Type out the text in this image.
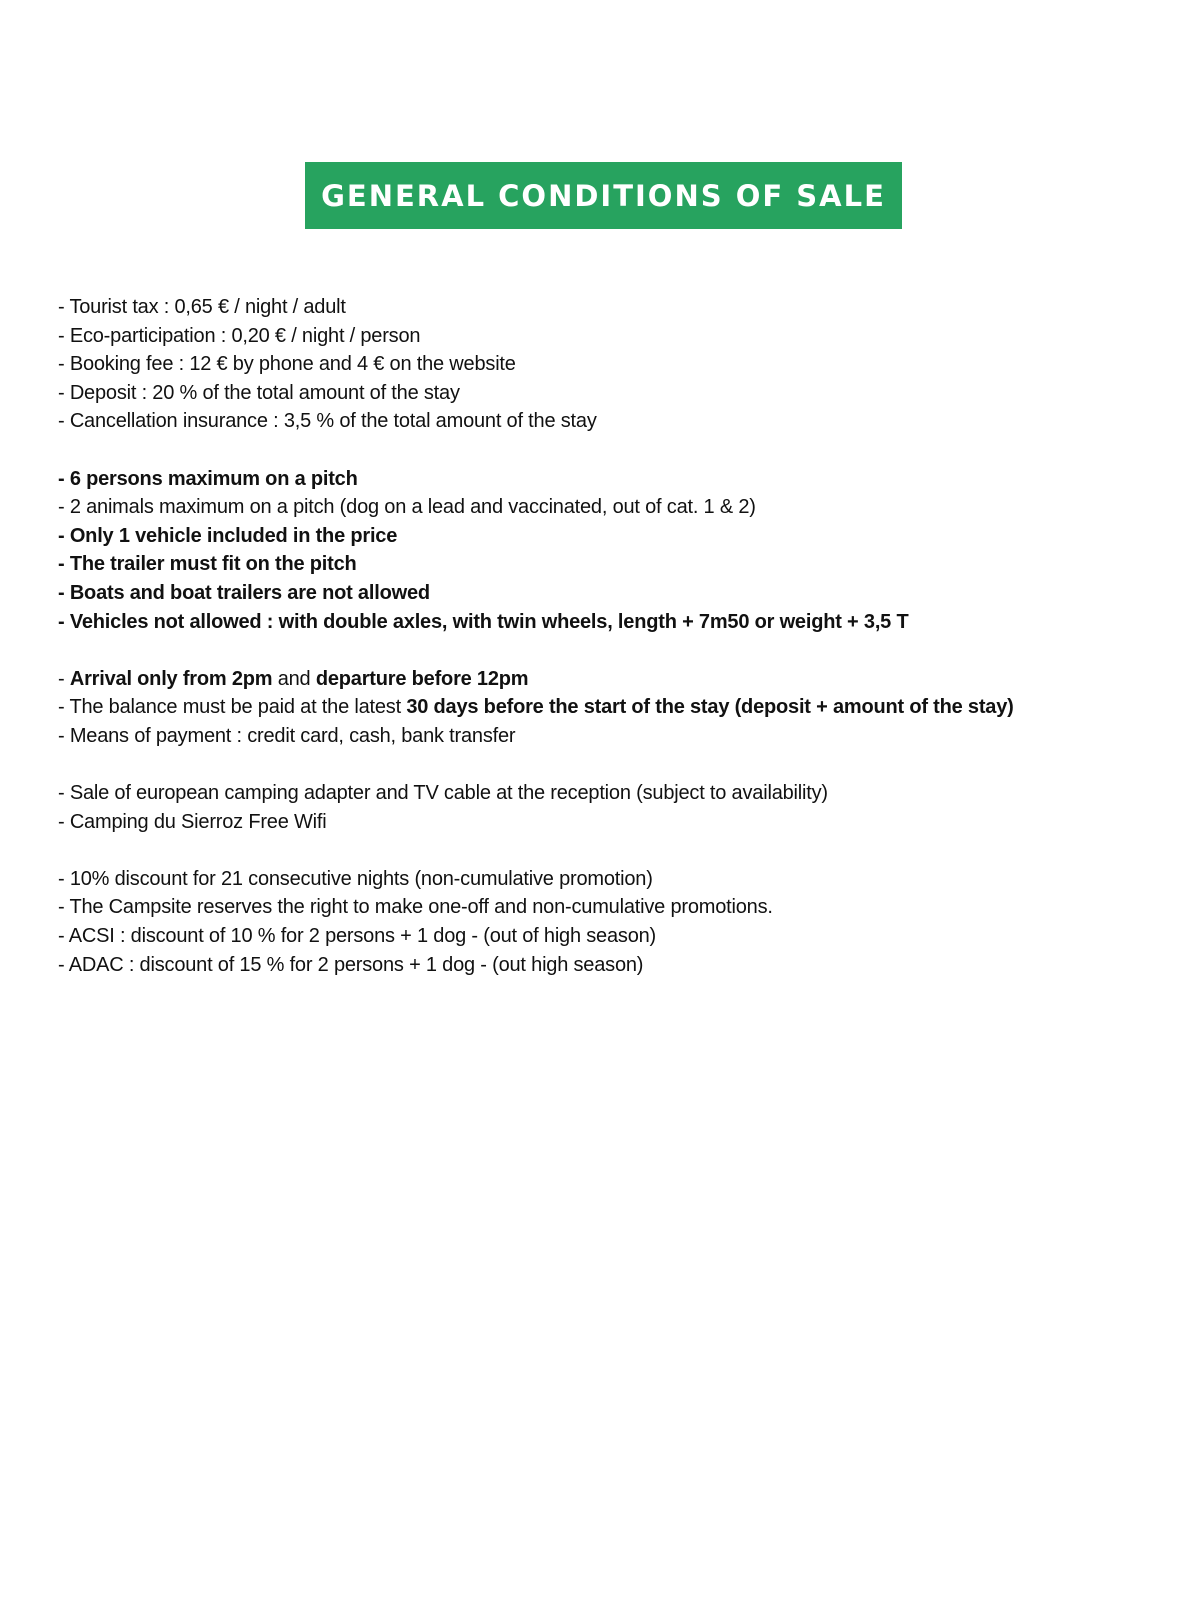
GENERAL CONDITIONS OF SALE
- Tourist tax : 0,65 € / night / adult
- Eco-participation : 0,20 € / night / person
- Booking fee : 12 € by phone and 4 € on the website
- Deposit : 20 % of the total amount of the stay
- Cancellation insurance : 3,5 % of the total amount of the stay
- 6 persons maximum on a pitch
- 2 animals maximum on a pitch (dog on a lead and vaccinated, out of cat. 1 & 2)
- Only 1 vehicle included in the price
- The trailer must fit on the pitch
- Boats and boat trailers are not allowed
- Vehicles not allowed : with double axles, with twin wheels, length + 7m50 or weight + 3,5 T
- Arrival only from 2pm and departure before 12pm
- The balance must be paid at the latest 30 days before the start of the stay (deposit + amount of the stay)
- Means of payment : credit card, cash, bank transfer
- Sale of european camping adapter and TV cable at the reception (subject to availability)
- Camping du Sierroz Free Wifi
- 10% discount for 21 consecutive nights (non-cumulative promotion)
- The Campsite reserves the right to make one-off and non-cumulative promotions.
- ACSI : discount of 10 % for 2 persons + 1 dog - (out of high season)
- ADAC : discount of 15 % for 2 persons + 1 dog - (out high season)
